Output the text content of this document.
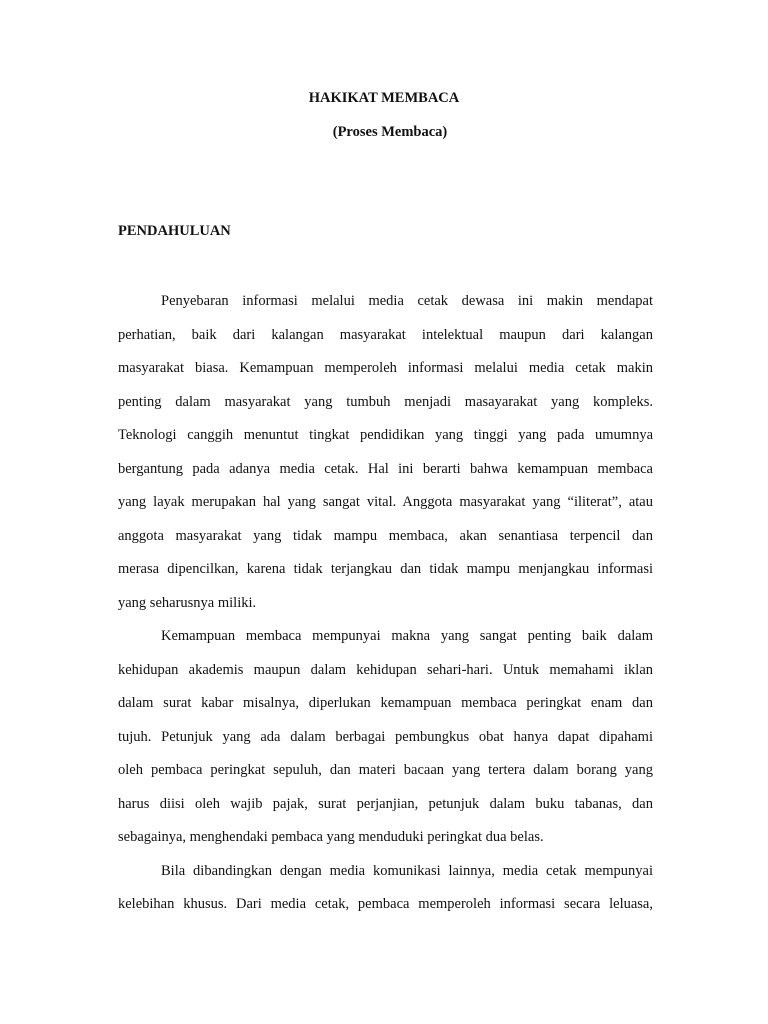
HAKIKAT MEMBACA
(Proses Membaca)
PENDAHULUAN
Penyebaran informasi melalui media cetak dewasa ini makin mendapat
perhatian, baik dari kalangan masyarakat intelektual maupun dari kalangan
masyarakat biasa. Kemampuan memperoleh informasi melalui media cetak makin
penting dalam masyarakat yang tumbuh menjadi masayarakat yang kompleks.
Teknologi canggih menuntut tingkat pendidikan yang tinggi yang pada umumnya
bergantung pada adanya media cetak. Hal ini berarti bahwa kemampuan membaca
yang layak merupakan hal yang sangat vital. Anggota masyarakat yang “iliterat”, atau
anggota masyarakat yang tidak mampu membaca, akan senantiasa terpencil dan
merasa dipencilkan, karena tidak terjangkau dan tidak mampu menjangkau informasi
yang seharusnya miliki.
Kemampuan membaca mempunyai makna yang sangat penting baik dalam
kehidupan akademis maupun dalam kehidupan sehari-hari. Untuk memahami iklan
dalam surat kabar misalnya, diperlukan kemampuan membaca peringkat enam dan
tujuh. Petunjuk yang ada dalam berbagai pembungkus obat hanya dapat dipahami
oleh pembaca peringkat sepuluh, dan materi bacaan yang tertera dalam borang yang
harus diisi oleh wajib pajak, surat perjanjian, petunjuk dalam buku tabanas, dan
sebagainya, menghendaki pembaca yang menduduki peringkat dua belas.
Bila dibandingkan dengan media komunikasi lainnya, media cetak mempunyai
kelebihan khusus. Dari media cetak, pembaca memperoleh informasi secara leluasa,
